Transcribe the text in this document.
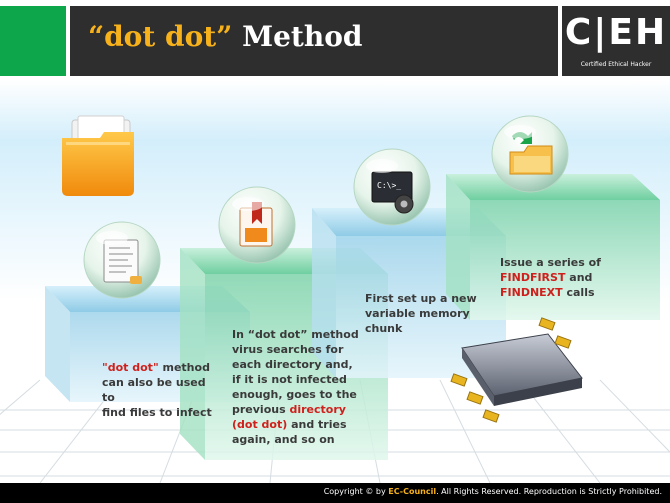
“dot dot” Method	C|EH
Certified Ethical Hacker
C:\>_
"dot dot" method
can also be used to
find files to infect
In “dot dot” method
virus searches for
each directory and,
if it is not infected
enough, goes to the
previous directory
(dot dot) and tries
again, and so on
First set up a new
variable memory
chunk
Issue a series of
FINDFIRST and
FINDNEXT calls
Copyright © by EC-Council. All Rights Reserved. Reproduction is Strictly Prohibited.
